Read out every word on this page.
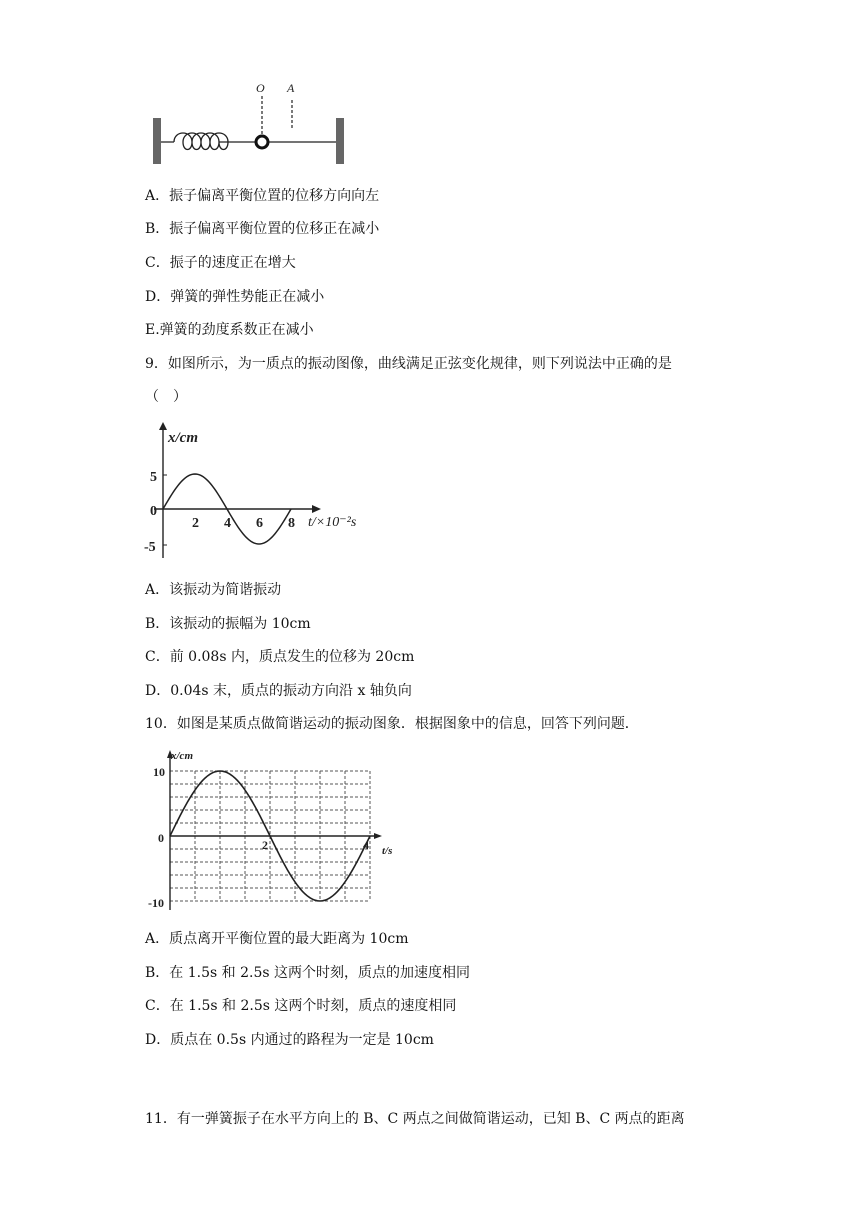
O A
A．振子偏离平衡位置的位移方向向左
B．振子偏离平衡位置的位移正在减小
C．振子的速度正在增大
D．弹簧的弹性势能正在减小
E.弹簧的劲度系数正在减小
9．如图所示，为一质点的振动图像，曲线满足正弦变化规律，则下列说法中正确的是
（　）
x/cm
t/×10⁻²s
5
0
-5
2 4 6 8
A．该振动为简谐振动
B．该振动的振幅为 10cm
C．前 0.08s 内，质点发生的位移为 20cm
D．0.04s 末，质点的振动方向沿 x 轴负向
10．如图是某质点做简谐运动的振动图象．根据图象中的信息，回答下列问题．
x/cm
t/s
10
0
-10
2	4
A．质点离开平衡位置的最大距离为 10cm
B．在 1.5s 和 2.5s 这两个时刻，质点的加速度相同
C．在 1.5s 和 2.5s 这两个时刻，质点的速度相同
D．质点在 0.5s 内通过的路程为一定是 10cm
11．有一弹簧振子在水平方向上的 B、C 两点之间做简谐运动，已知 B、C 两点的距离
